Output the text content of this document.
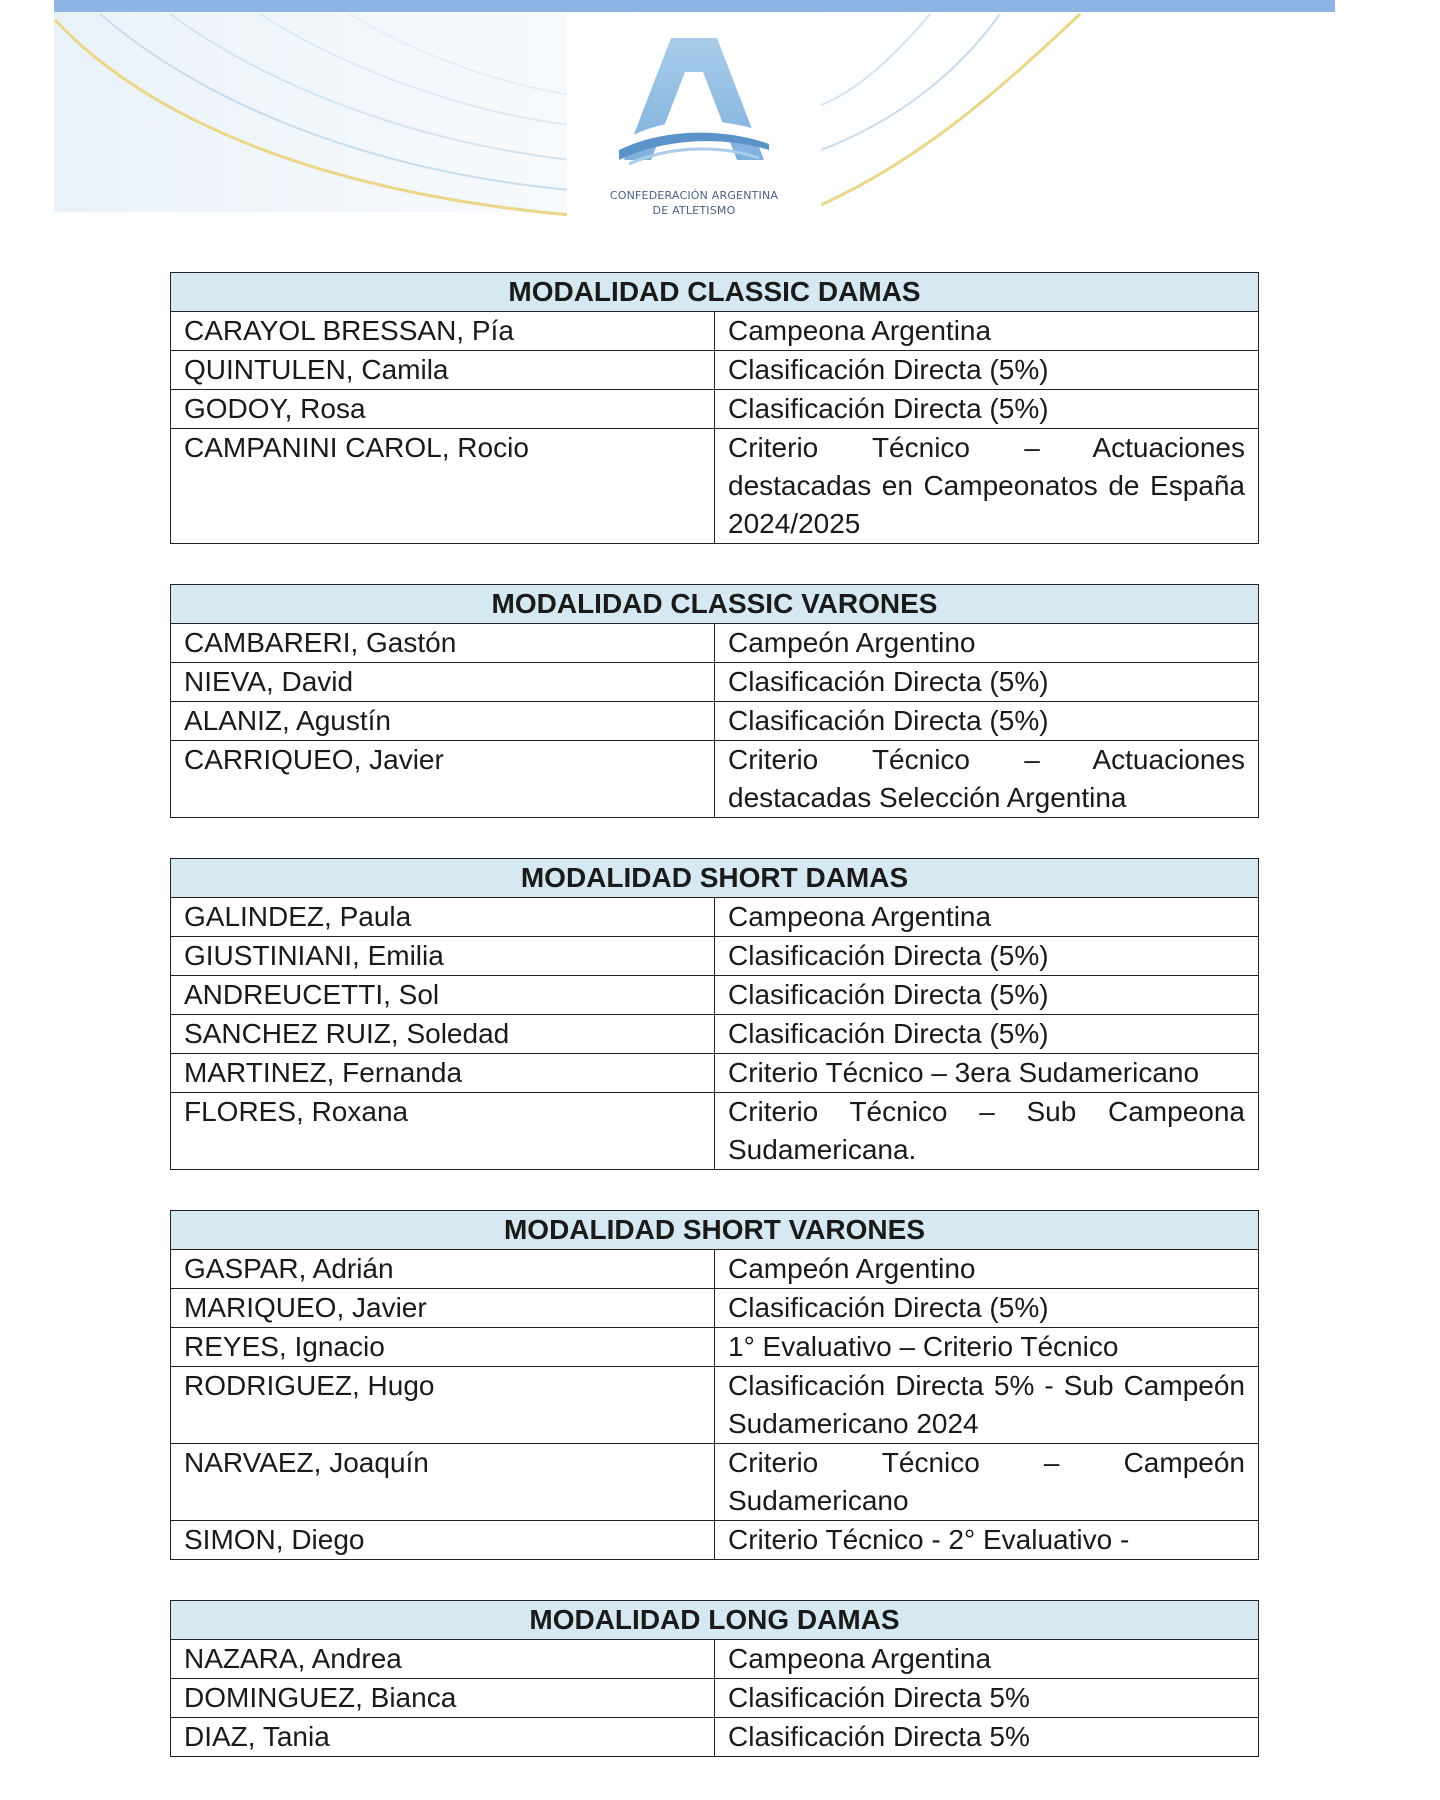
CONFEDERACIÓN ARGENTINA
DE ATLETISMO
MODALIDAD CLASSIC DAMAS	
CARAYOL BRESSAN, Pía	Campeona Argentina
QUINTULEN, Camila	Clasificación Directa (5%)
GODOY, Rosa	Clasificación Directa (5%)
CAMPANINI CAROL, Rocio	Criterio Técnico – Actuaciones destacadas en Campeonatos de España 2024/2025
MODALIDAD CLASSIC VARONES	
CAMBARERI, Gastón	Campeón Argentino
NIEVA, David	Clasificación Directa (5%)
ALANIZ, Agustín	Clasificación Directa (5%)
CARRIQUEO, Javier	Criterio Técnico – Actuaciones destacadas Selección Argentina
MODALIDAD SHORT DAMAS	
GALINDEZ, Paula	Campeona Argentina
GIUSTINIANI, Emilia	Clasificación Directa (5%)
ANDREUCETTI, Sol	Clasificación Directa (5%)
SANCHEZ RUIZ, Soledad	Clasificación Directa (5%)
MARTINEZ, Fernanda	Criterio Técnico – 3era Sudamericano
FLORES, Roxana	Criterio Técnico – Sub Campeona Sudamericana.
MODALIDAD SHORT VARONES	
GASPAR, Adrián	Campeón Argentino
MARIQUEO, Javier	Clasificación Directa (5%)
REYES, Ignacio	1° Evaluativo – Criterio Técnico
RODRIGUEZ, Hugo	Clasificación Directa 5% - Sub Campeón Sudamericano 2024
NARVAEZ, Joaquín	Criterio Técnico – Campeón Sudamericano
SIMON, Diego	Criterio Técnico - 2° Evaluativo -
MODALIDAD LONG DAMAS	
NAZARA, Andrea	Campeona Argentina
DOMINGUEZ, Bianca	Clasificación Directa 5%
DIAZ, Tania	Clasificación Directa 5%
